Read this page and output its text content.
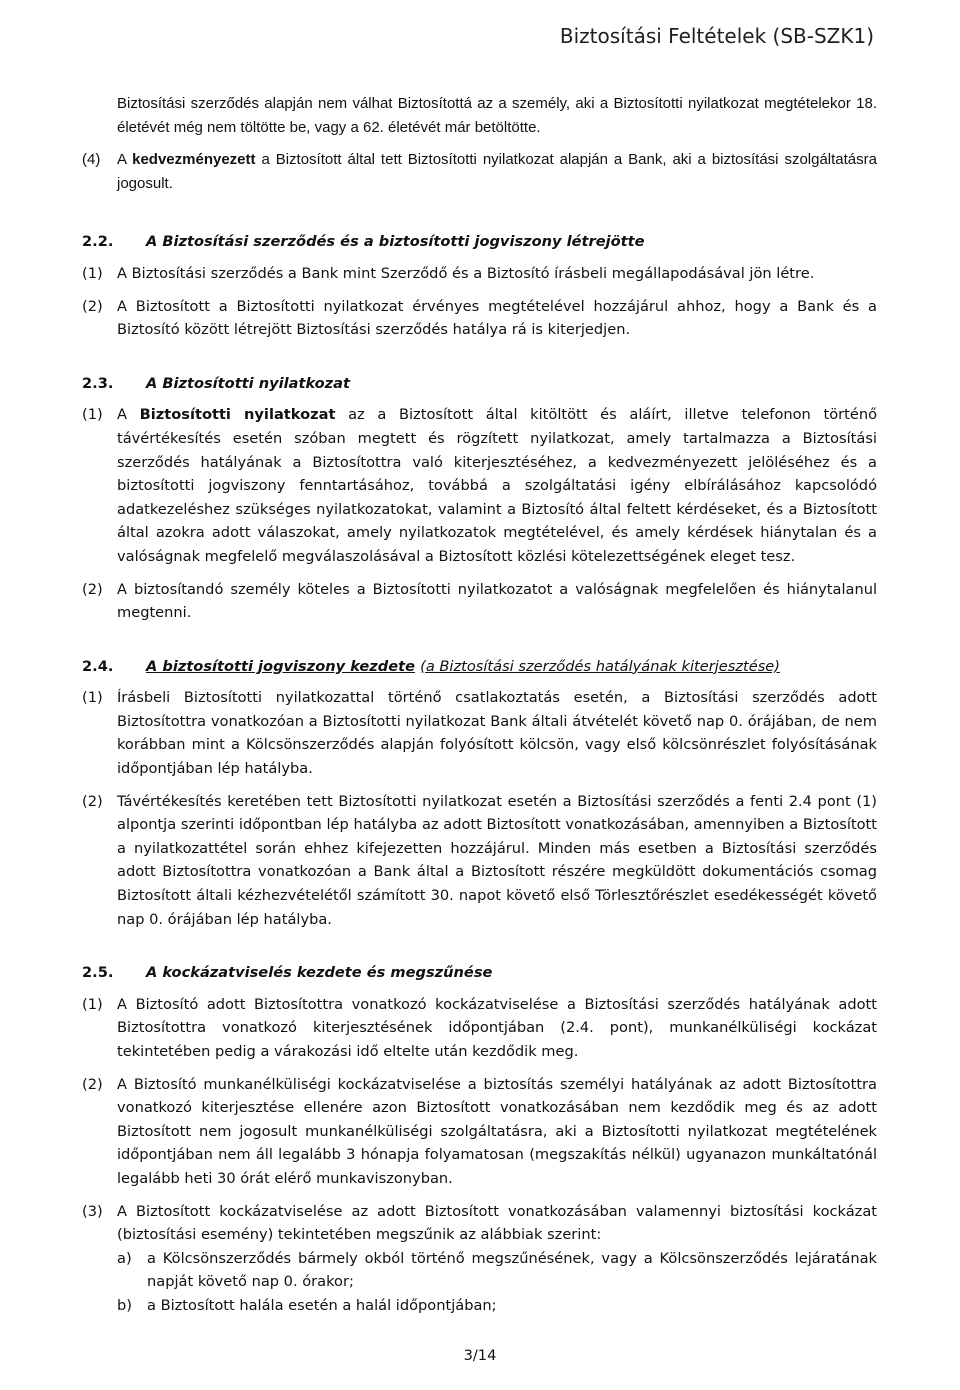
Biztosítási Feltételek (SB-SZK1)
Biztosítási szerződés alapján nem válhat Biztosítottá az a személy, aki a Biztosítotti nyilatkozat megtételekor 18. életévét még nem töltötte be, vagy a 62. életévét már betöltötte.
(4)	A kedvezményezett a Biztosított által tett Biztosítotti nyilatkozat alapján a Bank, aki a biztosítási szolgáltatásra jogosult.
2.2.	A Biztosítási szerződés és a biztosítotti jogviszony létrejötte
(1) A Biztosítási szerződés a Bank mint Szerződő és a Biztosító írásbeli megállapodásával jön létre.
(2) A Biztosított a Biztosítotti nyilatkozat érvényes megtételével hozzájárul ahhoz, hogy a Bank és a Biztosító között létrejött Biztosítási szerződés hatálya rá is kiterjedjen.
2.3.	A Biztosítotti nyilatkozat
(1) A Biztosítotti nyilatkozat az a Biztosított által kitöltött és aláírt, illetve telefonon történő távértékesítés esetén szóban megtett és rögzített nyilatkozat, amely tartalmazza a Biztosítási szerződés hatályának a Biztosítottra való kiterjesztéséhez, a kedvezményezett jelöléséhez és a biztosítotti jogviszony fenntartásához, továbbá a szolgáltatási igény elbírálásához kapcsolódó adatkezeléshez szükséges nyilatkozatokat, valamint a Biztosító által feltett kérdéseket, és a Biztosított által azokra adott válaszokat, amely nyilatkozatok megtételével, és amely kérdések hiánytalan és a valóságnak megfelelő megválaszolásával a Biztosított közlési kötelezettségének eleget tesz.
(2) A biztosítandó személy köteles a Biztosítotti nyilatkozatot a valóságnak megfelelően és hiánytalanul megtenni.
2.4.	A biztosítotti jogviszony kezdete (a Biztosítási szerződés hatályának kiterjesztése)
(1) Írásbeli Biztosítotti nyilatkozattal történő csatlakoztatás esetén, a Biztosítási szerződés adott Biztosítottra vonatkozóan a Biztosítotti nyilatkozat Bank általi átvételét követő nap 0. órájában, de nem korábban mint a Kölcsönszerződés alapján folyósított kölcsön, vagy első kölcsönrészlet folyósításának időpontjában lép hatályba.
(2) Távértékesítés keretében tett Biztosítotti nyilatkozat esetén a Biztosítási szerződés a fenti 2.4 pont (1) alpontja szerinti időpontban lép hatályba az adott Biztosított vonatkozásában, amennyiben a Biztosított a nyilatkozattétel során ehhez kifejezetten hozzájárul. Minden más esetben a Biztosítási szerződés adott Biztosítottra vonatkozóan a Bank által a Biztosított részére megküldött dokumentációs csomag Biztosított általi kézhezvételétől számított 30. napot követő első Törlesztőrészlet esedékességét követő nap 0. órájában lép hatályba.
2.5.	A kockázatviselés kezdete és megszűnése
(1) A Biztosító adott Biztosítottra vonatkozó kockázatviselése a Biztosítási szerződés hatályának adott Biztosítottra vonatkozó kiterjesztésének időpontjában (2.4. pont), munkanélküliségi kockázat tekintetében pedig a várakozási idő eltelte után kezdődik meg.
(2) A Biztosító munkanélküliségi kockázatviselése a biztosítás személyi hatályának az adott Biztosítottra vonatkozó kiterjesztése ellenére azon Biztosított vonatkozásában nem kezdődik meg és az adott Biztosított nem jogosult munkanélküliségi szolgáltatásra, aki a Biztosítotti nyilatkozat megtételének időpontjában nem áll legalább 3 hónapja folyamatosan (megszakítás nélkül) ugyanazon munkáltatónál legalább heti 30 órát elérő munkaviszonyban.
(3) A Biztosított kockázatviselése az adott Biztosított vonatkozásában valamennyi biztosítási kockázat (biztosítási esemény) tekintetében megszűnik az alábbiak szerint:
a)	a Kölcsönszerződés bármely okból történő megszűnésének, vagy a Kölcsönszerződés lejáratának napját követő nap 0. órakor;
b)	a Biztosított halála esetén a halál időpontjában;
3/14
